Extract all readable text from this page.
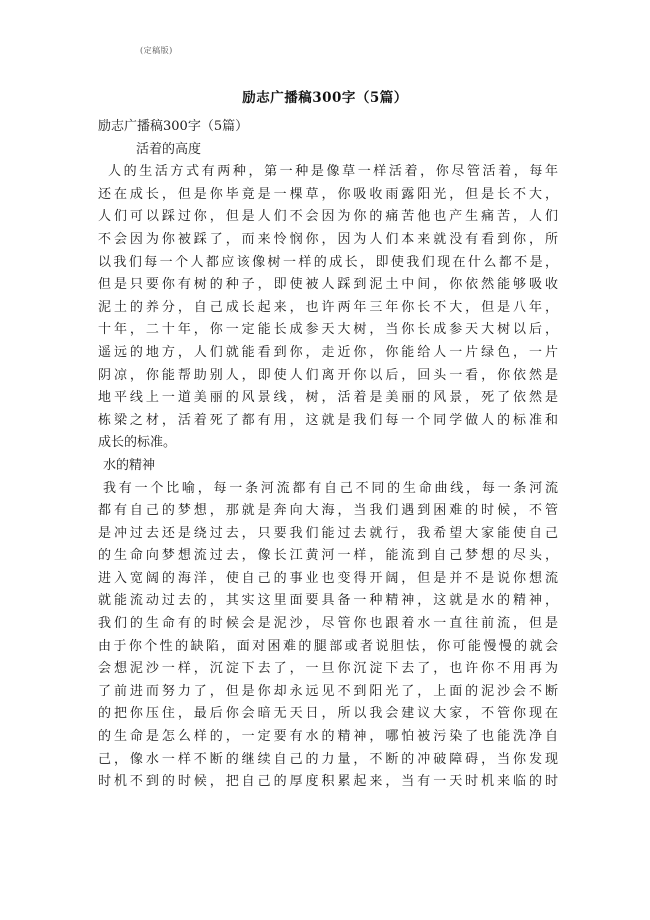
(定稿版)
励志广播稿300字（5篇）
励志广播稿300字（5篇）
活着的高度
人的生活方式有两种，第一种是像草一样活着，你尽管活着，每年
还在成长，但是你毕竟是一棵草，你吸收雨露阳光，但是长不大，
人们可以踩过你，但是人们不会因为你的痛苦他也产生痛苦，人们
不会因为你被踩了，而来怜悯你，因为人们本来就没有看到你，所
以我们每一个人都应该像树一样的成长，即使我们现在什么都不是，
但是只要你有树的种子，即使被人踩到泥土中间，你依然能够吸收
泥土的养分，自己成长起来，也许两年三年你长不大，但是八年，
十年，二十年，你一定能长成参天大树，当你长成参天大树以后，
遥远的地方，人们就能看到你，走近你，你能给人一片绿色，一片
阴凉，你能帮助别人，即使人们离开你以后，回头一看，你依然是
地平线上一道美丽的风景线，树，活着是美丽的风景，死了依然是
栋梁之材，活着死了都有用，这就是我们每一个同学做人的标准和
成长的标准。
水的精神
我有一个比喻，每一条河流都有自己不同的生命曲线，每一条河流
都有自己的梦想，那就是奔向大海，当我们遇到困难的时候，不管
是冲过去还是绕过去，只要我们能过去就行，我希望大家能使自己
的生命向梦想流过去，像长江黄河一样，能流到自己梦想的尽头，
进入宽阔的海洋，使自己的事业也变得开阔，但是并不是说你想流
就能流动过去的，其实这里面要具备一种精神，这就是水的精神，
我们的生命有的时候会是泥沙，尽管你也跟着水一直往前流，但是
由于你个性的缺陷，面对困难的腿部或者说胆怯，你可能慢慢的就会
会想泥沙一样，沉淀下去了，一旦你沉淀下去了，也许你不用再为
了前进而努力了，但是你却永远见不到阳光了，上面的泥沙会不断
的把你压住，最后你会暗无天日，所以我会建议大家，不管你现在
的生命是怎么样的，一定要有水的精神，哪怕被污染了也能洗净自
己，像水一样不断的继续自己的力量，不断的冲破障碍，当你发现
时机不到的时候，把自己的厚度积累起来，当有一天时机来临的时
